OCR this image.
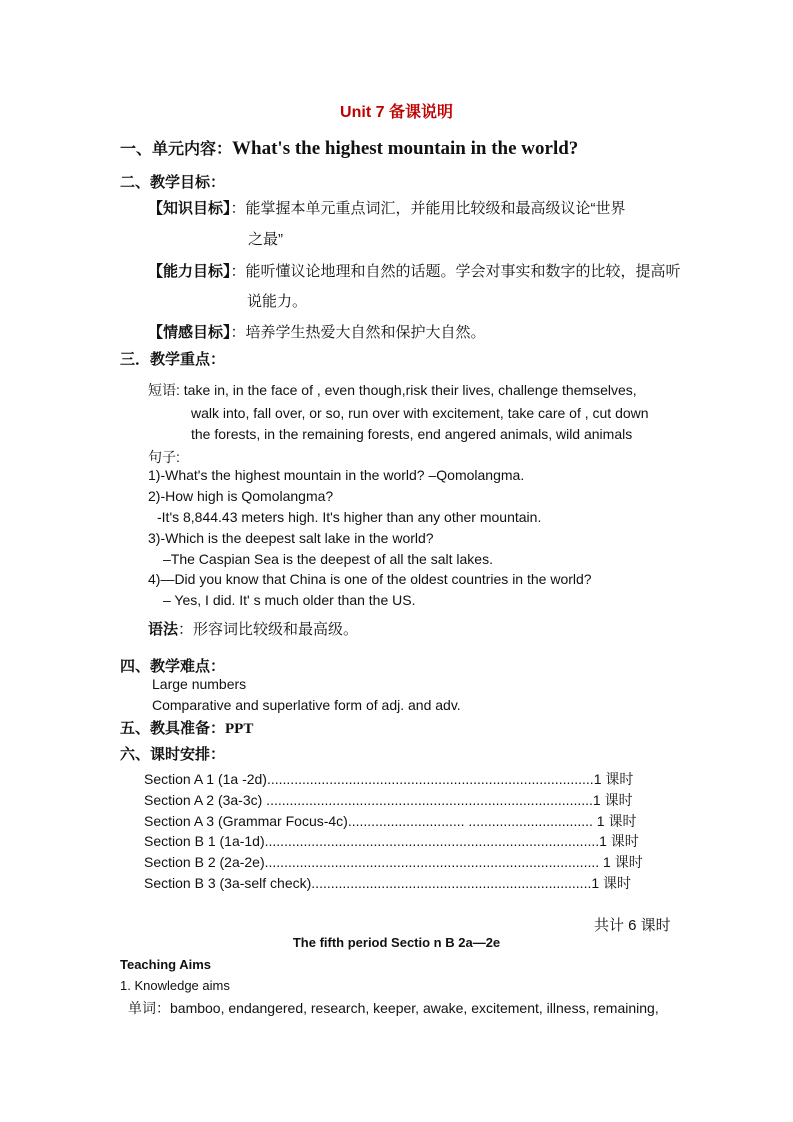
Unit 7 备课说明
一、单元内容：What's the highest mountain in the world?
二、教学目标：
【知识目标】：能掌握本单元重点词汇，并能用比较级和最高级议论“世界
之最”
【能力目标】：能听懂议论地理和自然的话题。学会对事实和数字的比较，提高听
说能力。
【情感目标】：培养学生热爱大自然和保护大自然。
三．教学重点：
短语: take in, in the face of , even though,risk their lives, challenge themselves,
walk into, fall over, or so, run over with excitement, take care of , cut down
the forests, in the remaining forests, end angered animals, wild animals
句子:
1)-What's the highest mountain in the world? –Qomolangma.
2)-How high is Qomolangma?
-It's 8,844.43 meters high. It's higher than any other mountain.
3)-Which is the deepest salt lake in the world?
–The Caspian Sea is the deepest of all the salt lakes.
4)—Did you know that China is one of the oldest countries in the world?
– Yes, I did. It' s much older than the US.
语法：形容词比较级和最高级。
四、教学难点：
Large numbers
Comparative and superlative form of adj. and adv.
五、教具准备：PPT
六、课时安排：
Section A 1 (1a -2d)....................................................................................1 课时
Section A 2 (3a-3c) ....................................................................................1 课时
Section A 3 (Grammar Focus-4c).............................. ................................ 1 课时
Section B 1 (1a-1d)......................................................................................1 课时
Section B 2 (2a-2e)...................................................................................... 1 课时
Section B 3 (3a-self check)........................................................................1 课时
共计 6 课时
The fifth period Sectio n B 2a—2e
Teaching Aims
1. Knowledge aims
单词：bamboo, endangered, research, keeper, awake, excitement, illness, remaining,
